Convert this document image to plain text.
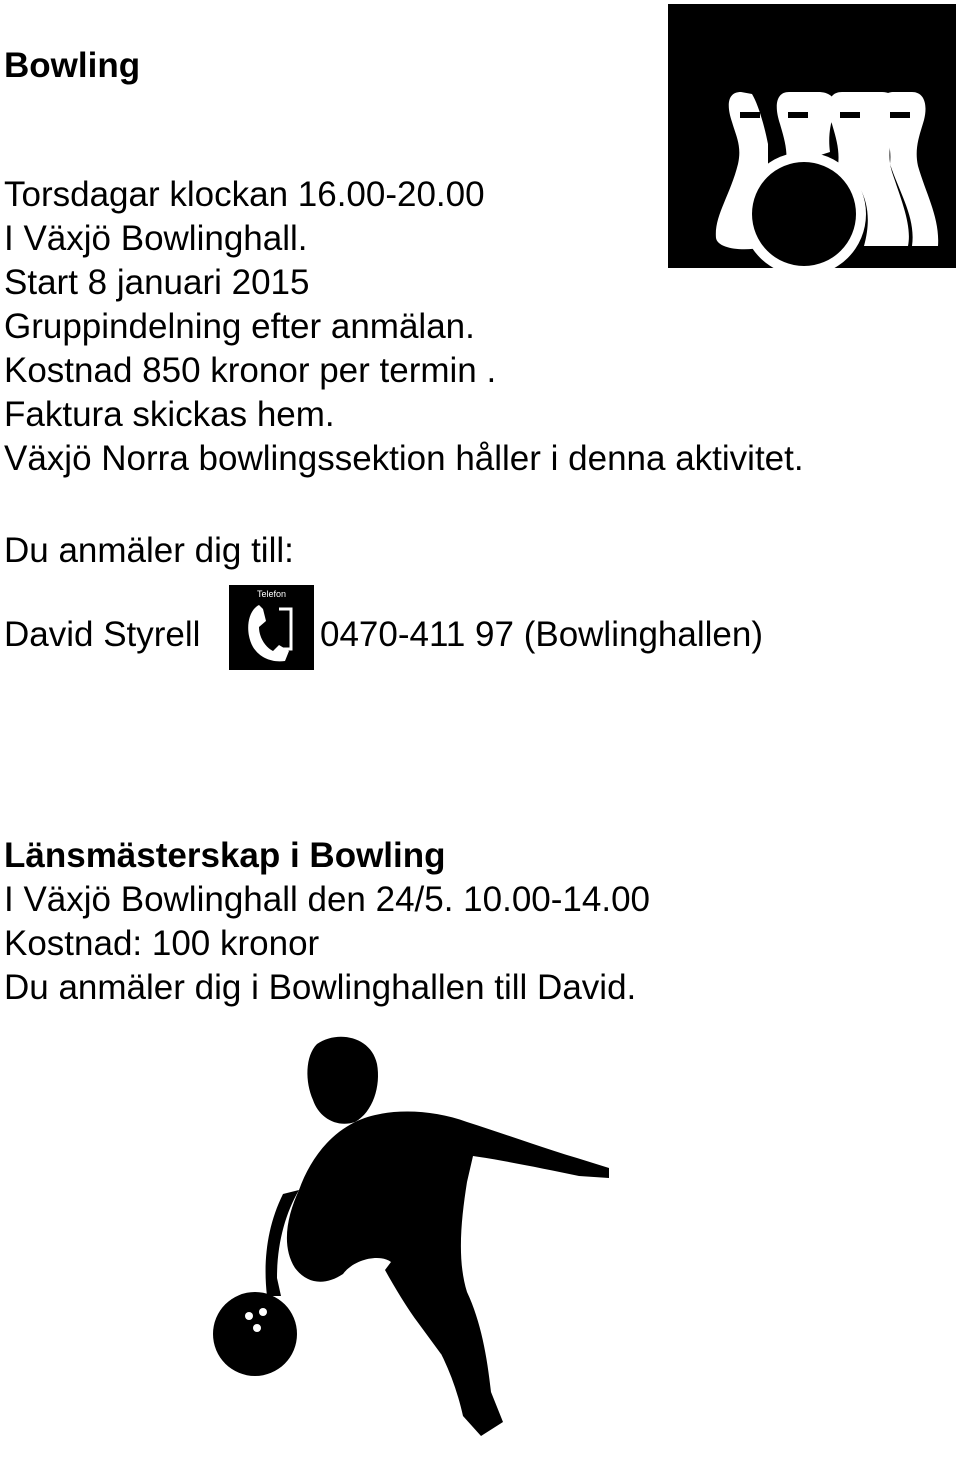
Bowling
Torsdagar klockan 16.00-20.00
I Växjö Bowlinghall.
Start 8 januari 2015
Gruppindelning efter anmälan.
Kostnad 850 kronor per termin .
Faktura skickas hem.
Växjö Norra bowlingssektion håller i denna aktivitet.
Du anmäler dig till:
David Styrell	0470-411 97 (Bowlinghallen)
Telefon
Länsmästerskap i Bowling
I Växjö Bowlinghall den 24/5. 10.00-14.00
Kostnad: 100 kronor
Du anmäler dig i Bowlinghallen till David.
